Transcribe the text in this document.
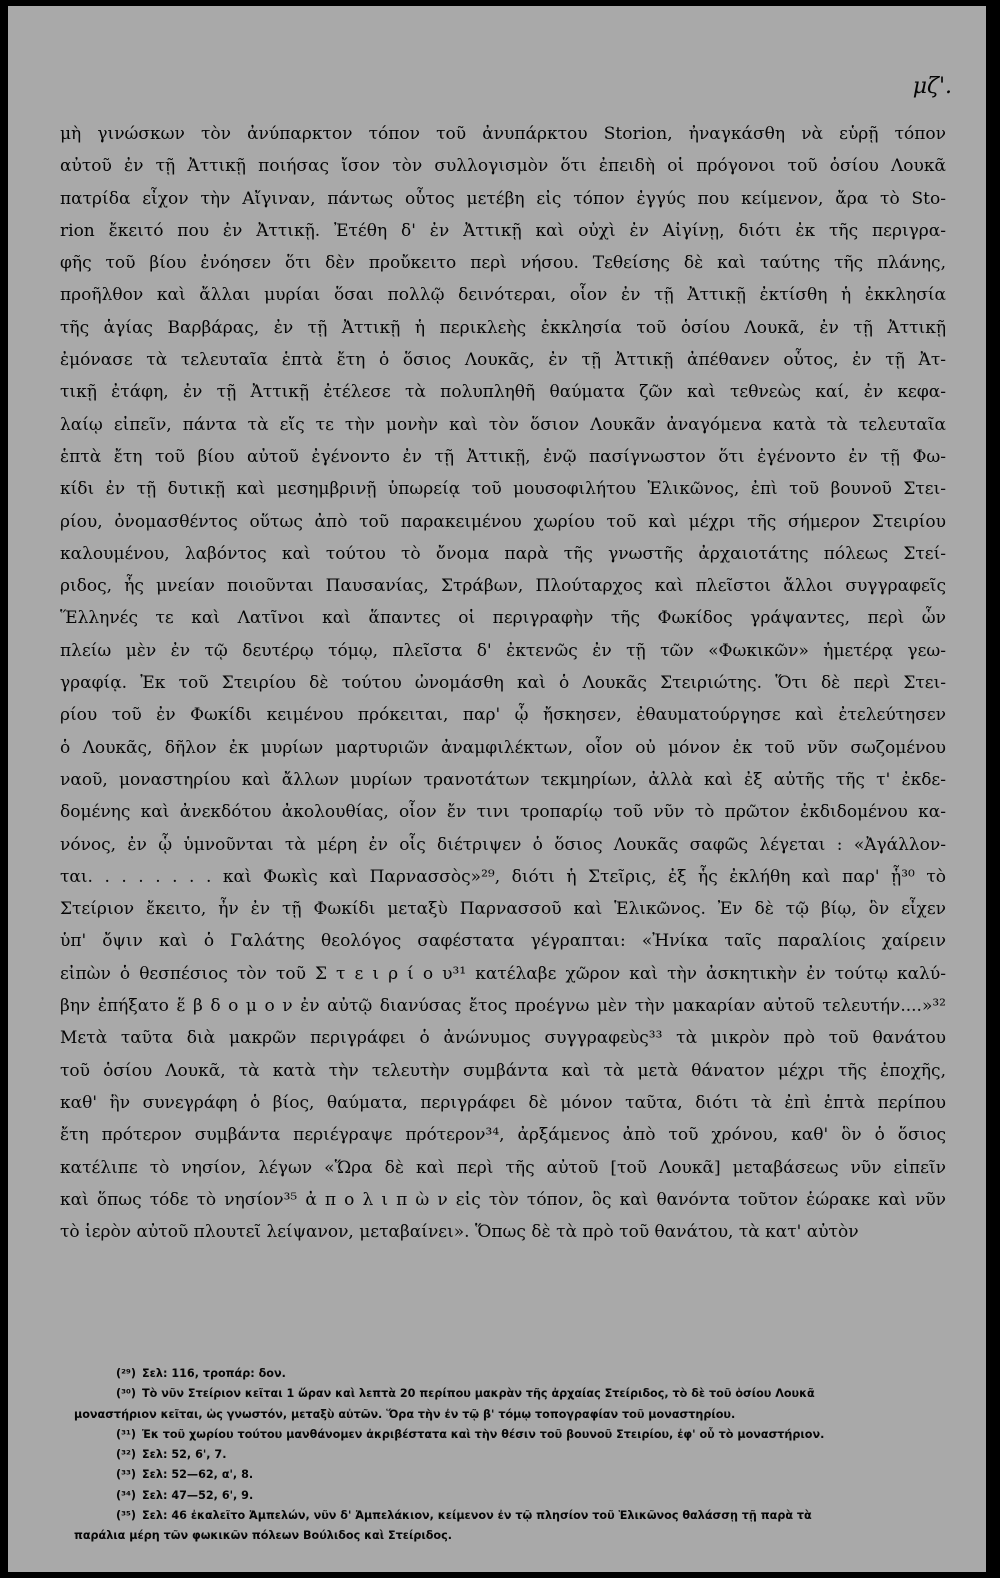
μζ'.
μὴ γινώσκων τὸν ἀνύπαρκτον τόπον τοῦ ἀνυπάρκτου Storion, ἠναγκάσθη νὰ εὑρῇ τόπον
αὐτοῦ ἐν τῇ Ἀττικῇ ποιήσας ἴσον τὸν συλλογισμὸν ὅτι ἐπειδὴ οἱ πρόγονοι τοῦ ὁσίου Λουκᾶ
πατρίδα εἶχον τὴν Αἴγιναν, πάντως οὗτος μετέβη εἰς τόπον ἐγγύς που κείμενον, ἄρα τὸ Sto-
rion ἔκειτό που ἐν Ἀττικῇ. Ἐτέθη δ' ἐν Ἀττικῇ καὶ οὐχὶ ἐν Αἰγίνῃ, διότι ἐκ τῆς περιγρα-
φῆς τοῦ βίου ἐνόησεν ὅτι δὲν προὔκειτο περὶ νήσου. Τεθείσης δὲ καὶ ταύτης τῆς πλάνης,
προῆλθον καὶ ἄλλαι μυρίαι ὅσαι πολλῷ δεινότεραι, οἷον ἐν τῇ Ἀττικῇ ἐκτίσθη ἡ ἐκκλησία
τῆς ἁγίας Βαρβάρας, ἐν τῇ Ἀττικῇ ἡ περικλεὴς ἐκκλησία τοῦ ὁσίου Λουκᾶ, ἐν τῇ Ἀττικῇ
ἐμόνασε τὰ τελευταῖα ἑπτὰ ἔτη ὁ ὅσιος Λουκᾶς, ἐν τῇ Ἀττικῇ ἀπέθανεν οὗτος, ἐν τῇ Ἀτ-
τικῇ ἐτάφη, ἐν τῇ Ἀττικῇ ἐτέλεσε τὰ πολυπληθῆ θαύματα ζῶν καὶ τεθνεὼς καί, ἐν κεφα-
λαίῳ εἰπεῖν, πάντα τὰ εἴς τε τὴν μονὴν καὶ τὸν ὅσιον Λουκᾶν ἀναγόμενα κατὰ τὰ τελευταῖα
ἑπτὰ ἔτη τοῦ βίου αὐτοῦ ἐγένοντο ἐν τῇ Ἀττικῇ, ἐνῷ πασίγνωστον ὅτι ἐγένοντο ἐν τῇ Φω-
κίδι ἐν τῇ δυτικῇ καὶ μεσημβρινῇ ὑπωρείᾳ τοῦ μουσοφιλήτου Ἑλικῶνος, ἐπὶ τοῦ βουνοῦ Στει-
ρίου, ὀνομασθέντος οὕτως ἀπὸ τοῦ παρακειμένου χωρίου τοῦ καὶ μέχρι τῆς σήμερον Στειρίου
καλουμένου, λαβόντος καὶ τούτου τὸ ὄνομα παρὰ τῆς γνωστῆς ἀρχαιοτάτης πόλεως Στεί-
ριδος, ἧς μνείαν ποιοῦνται Παυσανίας, Στράβων, Πλούταρχος καὶ πλεῖστοι ἄλλοι συγγραφεῖς
Ἕλληνές τε καὶ Λατῖνοι καὶ ἅπαντες οἱ περιγραφὴν τῆς Φωκίδος γράψαντες, περὶ ὧν
πλείω μὲν ἐν τῷ δευτέρῳ τόμῳ, πλεῖστα δ' ἐκτενῶς ἐν τῇ τῶν «Φωκικῶν» ἡμετέρᾳ γεω-
γραφίᾳ. Ἐκ τοῦ Στειρίου δὲ τούτου ὠνομάσθη καὶ ὁ Λουκᾶς Στειριώτης. Ὅτι δὲ περὶ Στει-
ρίου τοῦ ἐν Φωκίδι κειμένου πρόκειται, παρ' ᾧ ἤσκησεν, ἐθαυματούργησε καὶ ἐτελεύτησεν
ὁ Λουκᾶς, δῆλον ἐκ μυρίων μαρτυριῶν ἀναμφιλέκτων, οἷον οὐ μόνον ἐκ τοῦ νῦν σωζομένου
ναοῦ, μοναστηρίου καὶ ἄλλων μυρίων τρανοτάτων τεκμηρίων, ἀλλὰ καὶ ἐξ αὐτῆς τῆς τ' ἐκδε-
δομένης καὶ ἀνεκδότου ἀκολουθίας, οἷον ἔν τινι τροπαρίῳ τοῦ νῦν τὸ πρῶτον ἐκδιδομένου κα-
νόνος, ἐν ᾧ ὑμνοῦνται τὰ μέρη ἐν οἷς διέτριψεν ὁ ὅσιος Λουκᾶς σαφῶς λέγεται : «Ἀγάλλον-
ται. . . . . . . . καὶ Φωκὶς καὶ Παρνασσὸς»²⁹, διότι ἡ Στεῖρις, ἐξ ἧς ἐκλήθη καὶ παρ' ᾗ³⁰ τὸ
Στείριον ἔκειτο, ἦν ἐν τῇ Φωκίδι μεταξὺ Παρνασσοῦ καὶ Ἑλικῶνος. Ἐν δὲ τῷ βίῳ, ὃν εἶχεν
ὑπ' ὄψιν καὶ ὁ Γαλάτης θεολόγος σαφέστατα γέγραπται: «Ἠνίκα ταῖς παραλίοις χαίρειν
εἰπὼν ὁ θεσπέσιος τὸν τοῦ Σ τ ε ι ρ ί ο υ³¹ κατέλαβε χῶρον καὶ τὴν ἀσκητικὴν ἐν τούτῳ καλύ-
βην ἐπήξατο ἕ β δ ο μ ο ν ἐν αὐτῷ διανύσας ἔτος προέγνω μὲν τὴν μακαρίαν αὐτοῦ τελευτήν....»³²
Μετὰ ταῦτα διὰ μακρῶν περιγράφει ὁ ἀνώνυμος συγγραφεὺς³³ τὰ μικρὸν πρὸ τοῦ θανάτου
τοῦ ὁσίου Λουκᾶ, τὰ κατὰ τὴν τελευτὴν συμβάντα καὶ τὰ μετὰ θάνατον μέχρι τῆς ἐποχῆς,
καθ' ἣν συνεγράφη ὁ βίος, θαύματα, περιγράφει δὲ μόνον ταῦτα, διότι τὰ ἐπὶ ἑπτὰ περίπου
ἔτη πρότερον συμβάντα περιέγραψε πρότερον³⁴, ἀρξάμενος ἀπὸ τοῦ χρόνου, καθ' ὃν ὁ ὅσιος
κατέλιπε τὸ νησίον, λέγων «Ὥρα δὲ καὶ περὶ τῆς αὐτοῦ [τοῦ Λουκᾶ] μεταβάσεως νῦν εἰπεῖν
καὶ ὅπως τόδε τὸ νησίον³⁵ ἀ π ο λ ι π ὼ ν εἰς τὸν τόπον, ὃς καὶ θανόντα τοῦτον ἑώρακε καὶ νῦν
τὸ ἱερὸν αὐτοῦ πλουτεῖ λείψανον, μεταβαίνει». Ὅπως δὲ τὰ πρὸ τοῦ θανάτου, τὰ κατ' αὐτὸν
(²⁹) Σελ: 116, τροπάρ: δον.
(³⁰) Τὸ νῦν Στείριον κεῖται 1 ὥραν καὶ λεπτὰ 20 περίπου μακρὰν τῆς ἀρχαίας Στείριδος, τὸ δὲ τοῦ ὁσίου Λουκᾶ
μοναστήριον κεῖται, ὡς γνωστόν, μεταξὺ αὐτῶν. Ὅρα τὴν ἐν τῷ β' τόμῳ τοπογραφίαν τοῦ μοναστηρίου.
(³¹) Ἐκ τοῦ χωρίου τούτου μανθάνομεν ἀκριβέστατα καὶ τὴν θέσιν τοῦ βουνοῦ Στειρίου, ἐφ' οὗ τὸ μοναστήριον.
(³²) Σελ: 52, 6', 7.
(³³) Σελ: 52—62, α', 8.
(³⁴) Σελ: 47—52, 6', 9.
(³⁵) Σελ: 46 ἐκαλεῖτο Ἀμπελών, νῦν δ' Ἀμπελάκιον, κείμενον ἐν τῷ πλησίον τοῦ Ἑλικῶνος θαλάσσῃ τῇ παρὰ τὰ
παράλια μέρη τῶν φωκικῶν πόλεων Βούλιδος καὶ Στείριδος.
